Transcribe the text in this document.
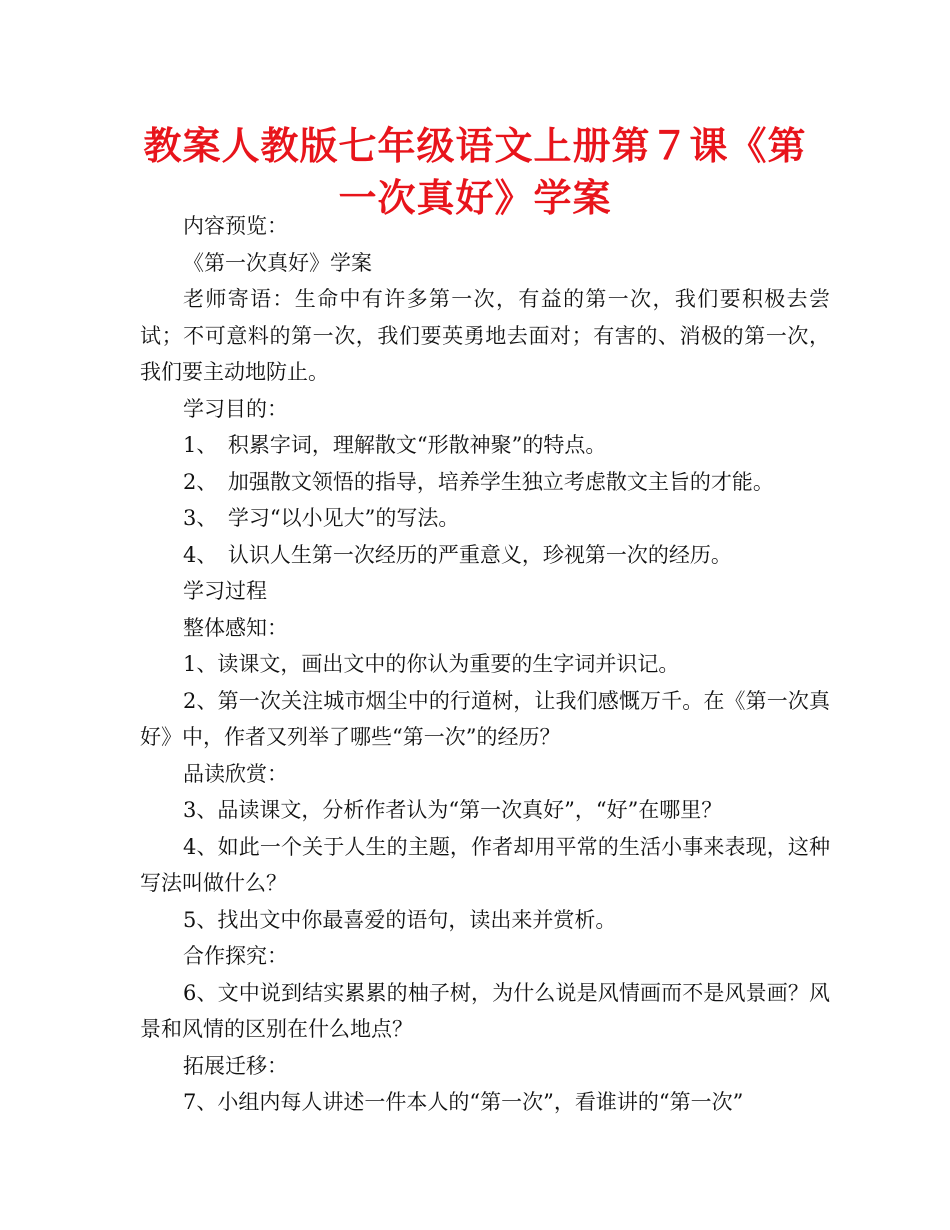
教案人教版七年级语文上册第７课《第一次真好》学案

内容预览：

《第一次真好》学案

老师寄语：生命中有许多第一次，有益的第一次，我们要积极去尝试；不可意料的第一次，我们要英勇地去面对；有害的、消极的第一次，我们要主动地防止。

学习目的：

1、　积累字词，理解散文“形散神聚”的特点。

2、　加强散文领悟的指导，培养学生独立考虑散文主旨的才能。

3、　学习“以小见大”的写法。

4、　认识人生第一次经历的严重意义，珍视第一次的经历。

学习过程

整体感知：

1、读课文，画出文中的你认为重要的生字词并识记。

2、第一次关注城市烟尘中的行道树，让我们感慨万千。在《第一次真好》中，作者又列举了哪些“第一次”的经历？

品读欣赏：

3、品读课文，分析作者认为“第一次真好”，“好”在哪里？

4、如此一个关于人生的主题，作者却用平常的生活小事来表现，这种写法叫做什么？

5、找出文中你最喜爱的语句，读出来并赏析。

合作探究：

6、文中说到结实累累的柚子树，为什么说是风情画而不是风景画？风景和风情的区别在什么地点？

拓展迁移：

7、小组内每人讲述一件本人的“第一次”，看谁讲的“第一次”
